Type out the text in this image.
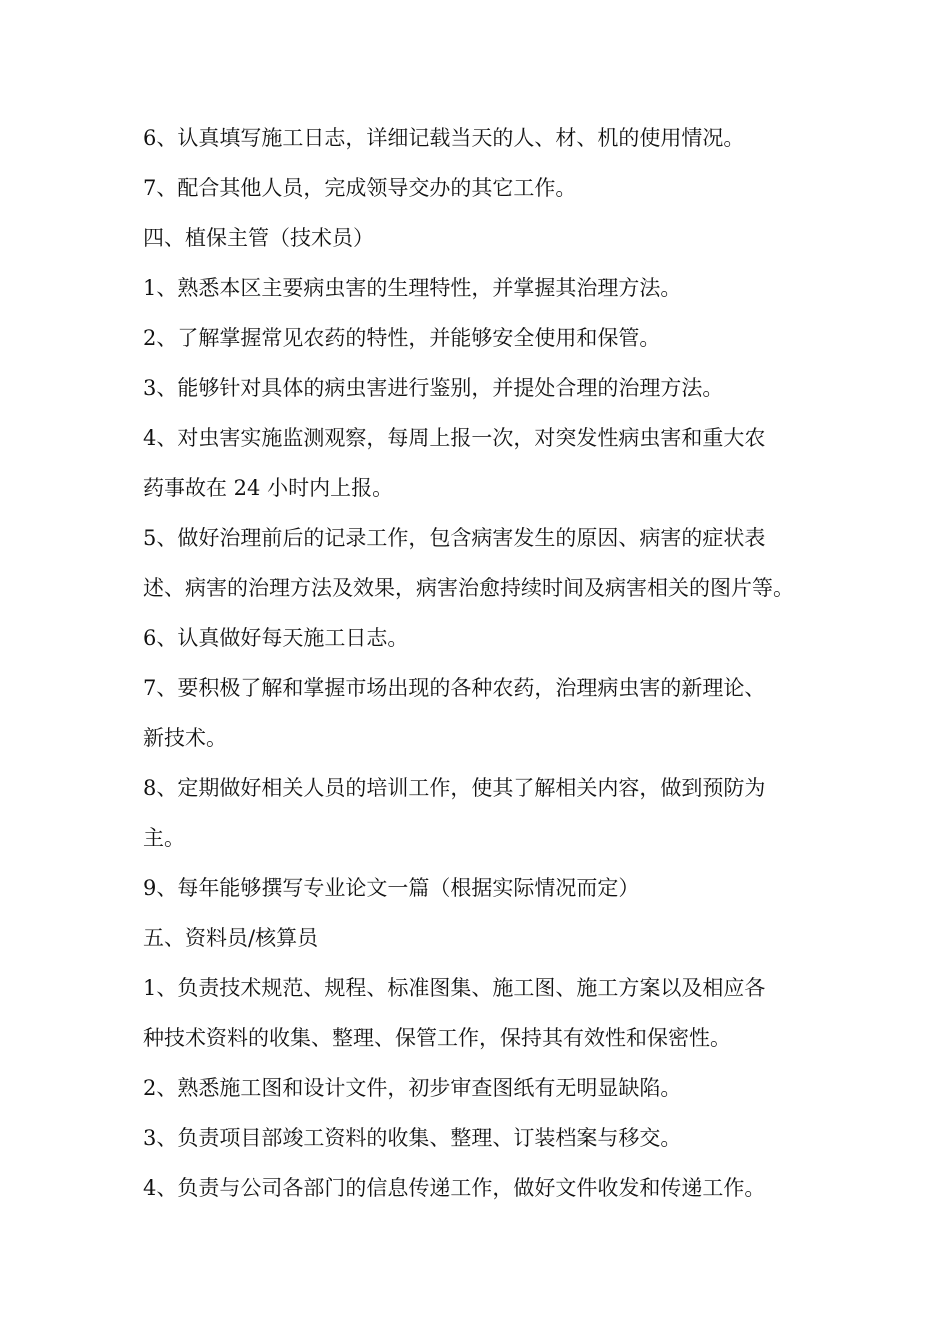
6、认真填写施工日志，详细记载当天的人、材、机的使用情况。
7、配合其他人员，完成领导交办的其它工作。
四、植保主管（技术员）
1、熟悉本区主要病虫害的生理特性，并掌握其治理方法。
2、了解掌握常见农药的特性，并能够安全使用和保管。
3、能够针对具体的病虫害进行鉴别，并提处合理的治理方法。
4、对虫害实施监测观察，每周上报一次，对突发性病虫害和重大农
药事故在 24 小时内上报。
5、做好治理前后的记录工作，包含病害发生的原因、病害的症状表
述、病害的治理方法及效果，病害治愈持续时间及病害相关的图片等。
6、认真做好每天施工日志。
7、要积极了解和掌握市场出现的各种农药，治理病虫害的新理论、
新技术。
8、定期做好相关人员的培训工作，使其了解相关内容，做到预防为
主。
9、每年能够撰写专业论文一篇（根据实际情况而定）
五、资料员/核算员
1、负责技术规范、规程、标准图集、施工图、施工方案以及相应各
种技术资料的收集、整理、保管工作，保持其有效性和保密性。
2、熟悉施工图和设计文件，初步审查图纸有无明显缺陷。
3、负责项目部竣工资料的收集、整理、订装档案与移交。
4、负责与公司各部门的信息传递工作，做好文件收发和传递工作。
